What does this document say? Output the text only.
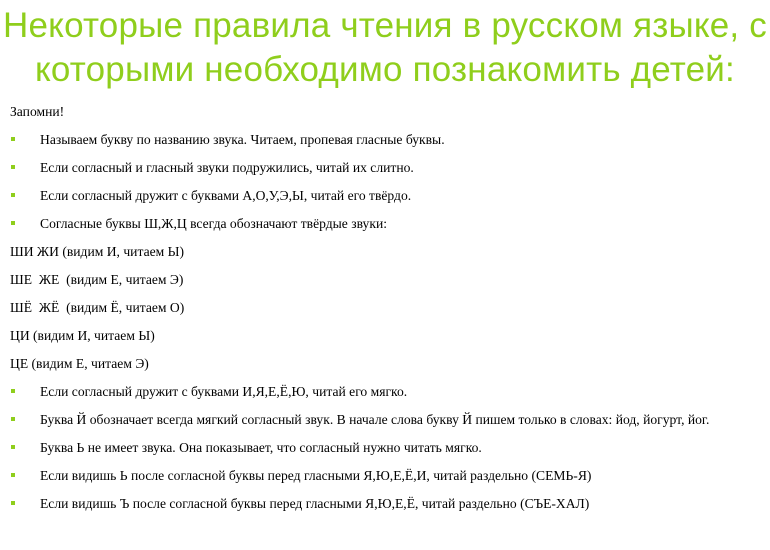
Некоторые правила чтения в русском языке, с
которыми необходимо познакомить детей:
Запомни!
Называем букву по названию звука. Читаем, пропевая гласные буквы.
Если согласный и гласный звуки подружились, читай их слитно.
Если согласный дружит с буквами А,О,У,Э,Ы, читай его твёрдо.
Согласные буквы Ш,Ж,Ц всегда обозначают твёрдые звуки:
ШИ ЖИ (видим И, читаем Ы)
ШЕ  ЖЕ  (видим Е, читаем Э)
ШЁ  ЖЁ  (видим Ё, читаем О)
ЦИ (видим И, читаем Ы)
ЦЕ (видим Е, читаем Э)
Если согласный дружит с буквами И,Я,Е,Ё,Ю, читай его мягко.
Буква Й обозначает всегда мягкий согласный звук. В начале слова букву Й пишем только в словах: йод, йогурт, йог.
Буква Ь не имеет звука. Она показывает, что согласный нужно читать мягко.
Если видишь Ь после согласной буквы перед гласными Я,Ю,Е,Ё,И, читай раздельно (СЕМЬ-Я)
Если видишь Ъ после согласной буквы перед гласными Я,Ю,Е,Ё, читай раздельно (СЪЕ-ХАЛ)
